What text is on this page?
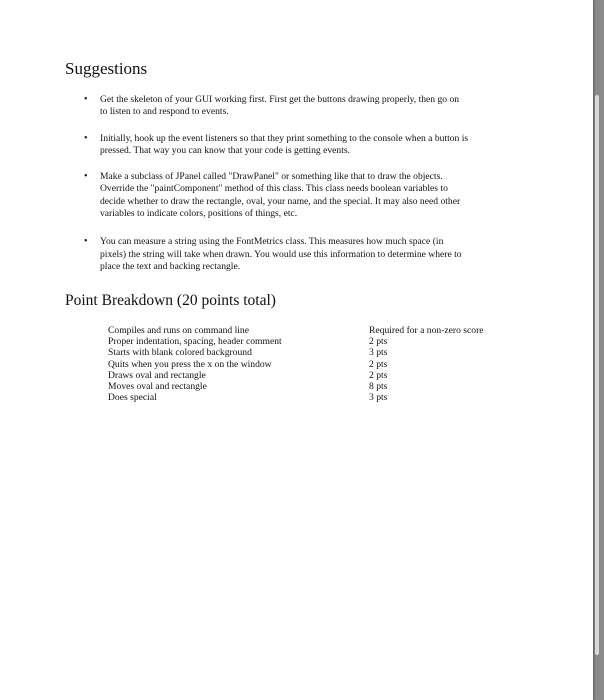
Suggestions
• Get the skeleton of your GUI working first. First get the buttons drawing properly, then go on
to listen to and respond to events.
• Initially, hook up the event listeners so that they print something to the console when a button is
pressed. That way you can know that your code is getting events.
• Make a subclass of JPanel called "DrawPanel" or something like that to draw the objects.
Override the "paintComponent" method of this class. This class needs boolean variables to
decide whether to draw the rectangle, oval, your name, and the special. It may also need other
variables to indicate colors, positions of things, etc.
• You can measure a string using the FontMetrics class. This measures how much space (in
pixels) the string will take when drawn. You would use this information to determine where to
place the text and backing rectangle.
Point Breakdown (20 points total)
Compiles and runs on command line	Required for a non-zero score
Proper indentation, spacing, header comment	2 pts
Starts with blank colored background	3 pts
Quits when you press the x on the window	2 pts
Draws oval and rectangle	2 pts
Moves oval and rectangle	8 pts
Does special	3 pts
